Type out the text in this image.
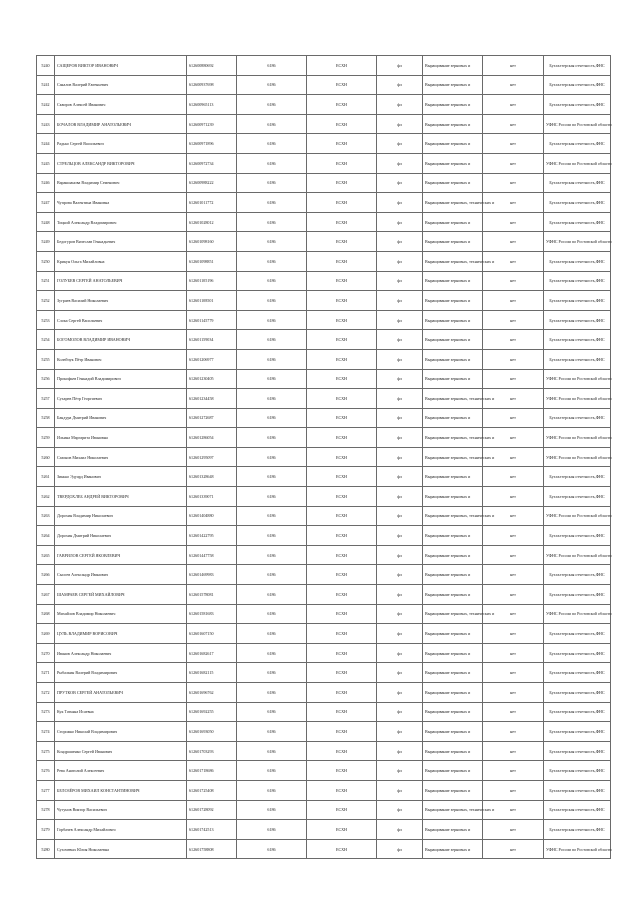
5240	САЩЕРОВ ВИКТОР ИВАНОВИЧ	612600880692	6186	ЕСХН	фл	Выращивание зерновых и	нет	Бухгалтерская отчетность,ФНС
5241	Сакалов Валерий Евгеньевич	612600937698	6186	ЕСХН	фл	Выращивание зерновых и	нет	Бухгалтерская отчетность,ФНС
5242	Скворов Алексей Иванович	612600965113	6186	ЕСХН	фл	Выращивание зерновых и	нет	Бухгалтерская отчетность,ФНС
5243	БОЧАЛОВ ВЛАДИМИР АНАТОЛЬЕВИЧ	612600971239	6186	ЕСХН	фл	Выращивание зерновых и	нет	УФНС России по Ростовской области
5244	Радько Сергей Васильевич	612600971896	6186	ЕСХН	фл	Выращивание зерновых и	нет	Бухгалтерская отчетность,ФНС
5245	СТРЕЛЬЦОВ АЛЕКСАНДР ВИКТОРОВИЧ	612600972734	6186	ЕСХН	фл	Выращивание зерновых и	нет	УФНС России по Ростовской области
5246	Варакшанова Владимир Семенович	612600988222	6186	ЕСХН	фл	Выращивание зерновых и	нет	Бухгалтерская отчетность,ФНС
5247	Чупрова Валентина Ивановна	612601011772	6186	ЕСХН	фл	Выращивание зерновых, технических и	нет	Бухгалтерская отчетность,ФНС
5248	Тоцкий Александр Владимирович	612601028012	6186	ЕСХН	фл	Выращивание зерновых и	нет	Бухгалтерская отчетность,ФНС
5249	Бедогуров Вячеслав Геннадьевич	612601098160	6186	ЕСХН	фл	Выращивание зерновых и	нет	УФНС России по Ростовской области
5250	Крикун Ольга Михайловна	612601098851	6186	ЕСХН	фл	Выращивание зерновых, технических и	нет	Бухгалтерская отчетность,ФНС
5251	ГОЛУБЕВ СЕРГЕЙ АНАТОЛЬЕВИЧ	612601105196	6186	ЕСХН	фл	Выращивание зерновых и	нет	Бухгалтерская отчетность,ФНС
5252	Зуграев Василий Николаевич	612601108501	6186	ЕСХН	фл	Выращивание зерновых и	нет	Бухгалтерская отчетность,ФНС
5253	Слока Сергей Васильевич	612601145779	6186	ЕСХН	фл	Выращивание зерновых и	нет	Бухгалтерская отчетность,ФНС
5254	БОГОМОЛОВ ВЛАДИМИР ИВАНОВИЧ	612601159034	6186	ЕСХН	фл	Выращивание зерновых и	нет	Бухгалтерская отчетность,ФНС
5255	Колейчук Пётр Иванович	612601206977	6186	ЕСХН	фл	Выращивание зерновых и	нет	Бухгалтерская отчетность,ФНС
5256	Прокофьев Геннадий Владимирович	612601230405	6186	ЕСХН	фл	Выращивание зерновых и	нет	УФНС России по Ростовской области
5257	Сухарев Пётр Георгиевич	612601234458	6186	ЕСХН	фл	Выращивание зерновых, технических и	нет	УФНС России по Ростовской области
5258	Бандура Дмитрий Иванович	612601272687	6186	ЕСХН	фл	Выращивание зерновых и	нет	Бухгалтерская отчетность,ФНС
5259	Ильина Маргарита Ивановна	612601286054	6186	ЕСХН	фл	Выращивание зерновых, технических и	нет	УФНС России по Ростовской области
5260	Сазонов Михаил Николаевич	612601295097	6186	ЕСХН	фл	Выращивание зерновых, технических и	нет	УФНС России по Ростовской области
5261	Зинько Эдуард Иванович	612601328648	6186	ЕСХН	фл	Выращивание зерновых и	нет	Бухгалтерская отчетность,ФНС
5262	ТВЕРДОХЛЕБ АНДРЕЙ ВИКТОРОВИЧ	612601339071	6186	ЕСХН	фл	Выращивание зерновых и	нет	Бухгалтерская отчетность,ФНС
5263	Дорохин Владимир Николаевич	612601404880	6186	ЕСХН	фл	Выращивание зерновых, технических и	нет	УФНС России по Ростовской области
5264	Дорохин Дмитрий Николаевич	612601422795	6186	ЕСХН	фл	Выращивание зерновых и	нет	Бухгалтерская отчетность,ФНС
5265	ГАВРИЛОВ СЕРГЕЙ ЯКОВЛЕВИЧ	612601447758	6186	ЕСХН	фл	Выращивание зерновых и	нет	УФНС России по Ростовской области
5266	Сысоев Александр Иванович	612601469983	6186	ЕСХН	фл	Выращивание зерновых и	нет	Бухгалтерская отчетность,ФНС
5267	ШАМРАЕВ СЕРГЕЙ МИХАЙЛОВИЧ	612601578081	6186	ЕСХН	фл	Выращивание зерновых и	нет	Бухгалтерская отчетность,ФНС
5268	Михайлов Владимир Николаевич	612601581683	6186	ЕСХН	фл	Выращивание зерновых, технических и	нет	УФНС России по Ростовской области
5269	ЦУЛЬ ВЛАДИМИР ВОРИСОВИЧ	612601607150	6186	ЕСХН	фл	Выращивание зерновых и	нет	Бухгалтерская отчетность,ФНС
5270	Иванов Александр Николаевич	612601682617	6186	ЕСХН	фл	Выращивание зерновых и	нет	Бухгалтерская отчетность,ФНС
5271	Рыбалкин Валерий Владимирович	612601682115	6186	ЕСХН	фл	Выращивание зерновых и	нет	Бухгалтерская отчетность,ФНС
5272	ПРУТКОВ СЕРГЕЙ АНАТОЛЬЕВИЧ	612601696762	6186	ЕСХН	фл	Выращивание зерновых и	нет	Бухгалтерская отчетность,ФНС
5273	Кук Татьяна Исаевна	612601692255	6186	ЕСХН	фл	Выращивание зерновых и	нет	Бухгалтерская отчетность,ФНС
5274	Сторожко Николай Владимирович	612601693050	6186	ЕСХН	фл	Выращивание зерновых и	нет	Бухгалтерская отчетность,ФНС
5275	Кондрашенко Сергей Иванович	612601703293	6186	ЕСХН	фл	Выращивание зерновых и	нет	Бухгалтерская отчетность,ФНС
5276	Рева Анатолий Алексеевич	612601718686	6186	ЕСХН	фл	Выращивание зерновых и	нет	Бухгалтерская отчетность,ФНС
5277	БЕЛОЗЁРОВ МИХАИЛ КОНСТАНТИНОВИЧ	612601725408	6186	ЕСХН	фл	Выращивание зерновых и	нет	Бухгалтерская отчетность,ФНС
5278	Чугунов Виктор Васильевич	612601728092	6186	ЕСХН	фл	Выращивание зерновых, технических и	нет	Бухгалтерская отчетность,ФНС
5279	Горбачев Александр Михайлович	612601742513	6186	ЕСХН	фл	Выращивание зерновых и	нет	Бухгалтерская отчетность,ФНС
5280	Сухочевых Юлия Николаевна	612601758808	6186	ЕСХН	фл	Выращивание зерновых и	нет	УФНС России по Ростовской области
